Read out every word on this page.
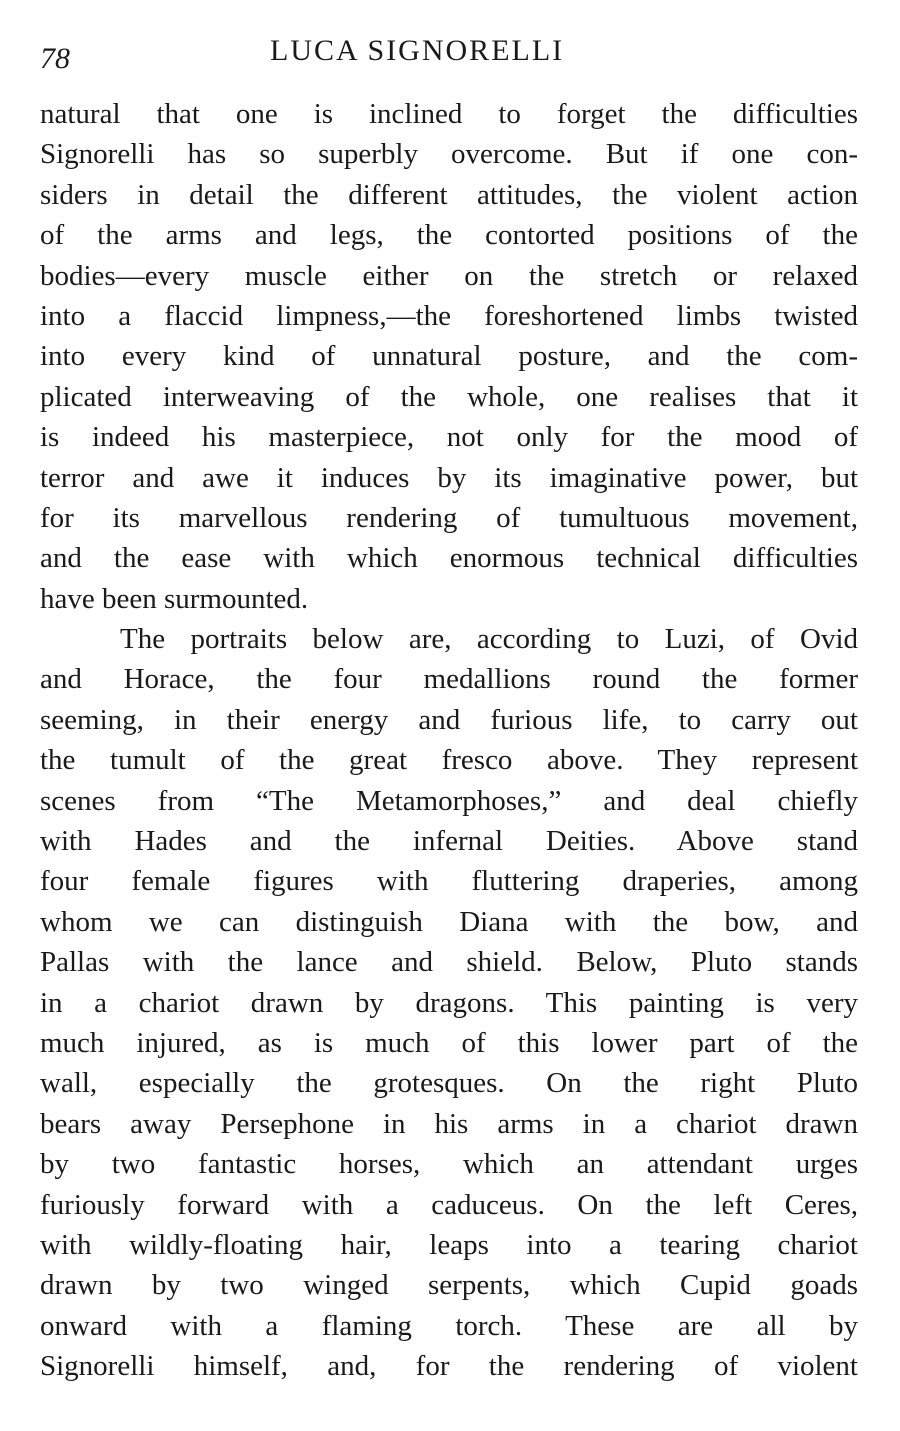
78	LUCA SIGNORELLI
natural that one is inclined to forget the difficulties
Signorelli has so superbly overcome. But if one con-
siders in detail the different attitudes, the violent action
of the arms and legs, the contorted positions of the
bodies—every muscle either on the stretch or relaxed
into a flaccid limpness,—the foreshortened limbs twisted
into every kind of unnatural posture, and the com-
plicated interweaving of the whole, one realises that it
is indeed his masterpiece, not only for the mood of
terror and awe it induces by its imaginative power, but
for its marvellous rendering of tumultuous movement,
and the ease with which enormous technical difficulties
have been surmounted.
The portraits below are, according to Luzi, of Ovid
and Horace, the four medallions round the former
seeming, in their energy and furious life, to carry out
the tumult of the great fresco above. They represent
scenes from “The Metamorphoses,” and deal chiefly
with Hades and the infernal Deities. Above stand
four female figures with fluttering draperies, among
whom we can distinguish Diana with the bow, and
Pallas with the lance and shield. Below, Pluto stands
in a chariot drawn by dragons. This painting is very
much injured, as is much of this lower part of the
wall, especially the grotesques. On the right Pluto
bears away Persephone in his arms in a chariot drawn
by two fantastic horses, which an attendant urges
furiously forward with a caduceus. On the left Ceres,
with wildly-floating hair, leaps into a tearing chariot
drawn by two winged serpents, which Cupid goads
onward with a flaming torch. These are all by
Signorelli himself, and, for the rendering of violent
